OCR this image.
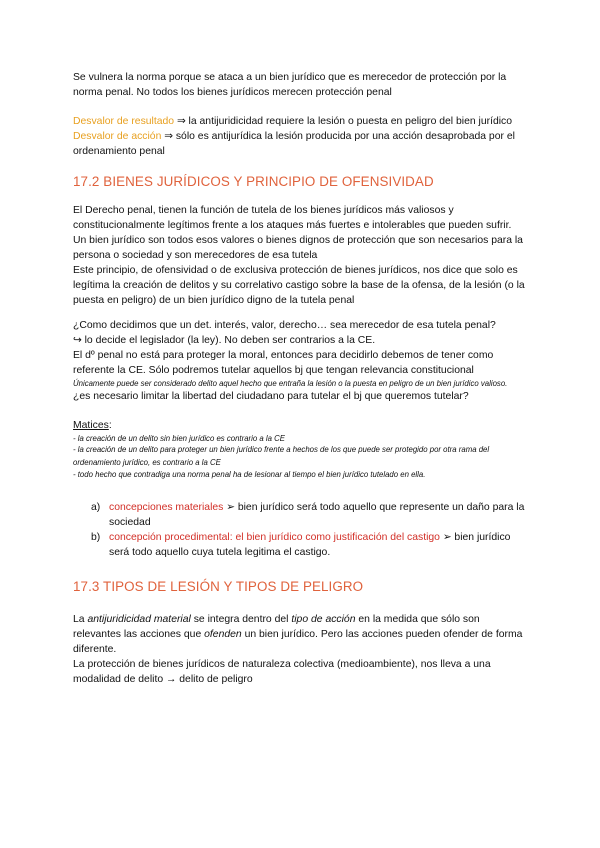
Se vulnera la norma porque se ataca a un bien jurídico que es merecedor de protección por la norma penal. No todos los bienes jurídicos merecen protección penal

Desvalor de resultado ⇒ la antijuridicidad requiere la lesión o puesta en peligro del bien jurídico

Desvalor de acción ⇒ sólo es antijurídica la lesión producida por una acción desaprobada por el ordenamiento penal

17.2 BIENES JURÍDICOS Y PRINCIPIO DE OFENSIVIDAD

El Derecho penal, tienen la función de tutela de los bienes jurídicos más valiosos y constitucionalmente legítimos frente a los ataques más fuertes e intolerables que pueden sufrir.

Un bien jurídico son todos esos valores o bienes dignos de protección que son necesarios para la persona o sociedad y son merecedores de esa tutela

Este principio, de ofensividad o de exclusiva protección de bienes jurídicos, nos dice que solo es legítima la creación de delitos y su correlativo castigo sobre la base de la ofensa, de la lesión (o la puesta en peligro) de un bien jurídico digno de la tutela penal

¿Como decidimos que un det. interés, valor, derecho… sea merecedor de esa tutela penal?

↪ lo decide el legislador (la ley). No deben ser contrarios a la CE.

El dº penal no está para proteger la moral, entonces para decidirlo debemos de tener como referente la CE. Sólo podremos tutelar aquellos bj que tengan relevancia constitucional

Únicamente puede ser considerado delito aquel hecho que entraña la lesión o la puesta en peligro de un bien jurídico valioso.

¿es necesario limitar la libertad del ciudadano para tutelar el bj que queremos tutelar?

Matices:

- la creación de un delito sin bien jurídico es contrario a la CE

- la creación de un delito para proteger un bien jurídico frente a hechos de los que puede ser protegido por otra rama del ordenamiento jurídico, es contrario a la CE

- todo hecho que contradiga una norma penal ha de lesionar al tiempo el bien jurídico tutelado en ella.

a) concepciones materiales ➢ bien jurídico será todo aquello que represente un daño para la sociedad
b) concepción procedimental: el bien jurídico como justificación del castigo ➢ bien jurídico será todo aquello cuya tutela legitima el castigo.
17.3 TIPOS DE LESIÓN Y TIPOS DE PELIGRO

La antijuridicidad material se integra dentro del tipo de acción en la medida que sólo son relevantes las acciones que ofenden un bien jurídico. Pero las acciones pueden ofender de forma diferente.

La protección de bienes jurídicos de naturaleza colectiva (medioambiente), nos lleva a una modalidad de delito → delito de peligro
